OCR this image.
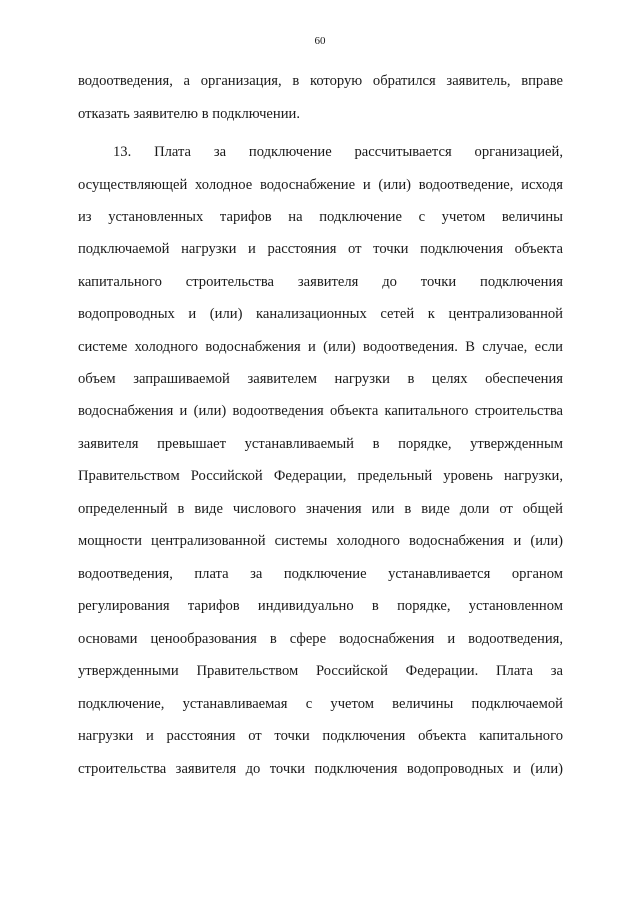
60
водоотведения, а организация, в которую обратился заявитель, вправе
отказать заявителю в подключении.
13. Плата за подключение рассчитывается организацией,
осуществляющей холодное водоснабжение и (или) водоотведение, исходя
из установленных тарифов на подключение с учетом величины
подключаемой нагрузки и расстояния от точки подключения объекта
капитального строительства заявителя до точки подключения
водопроводных и (или) канализационных сетей к централизованной
системе холодного водоснабжения и (или) водоотведения. В случае, если
объем запрашиваемой заявителем нагрузки в целях обеспечения
водоснабжения и (или) водоотведения объекта капитального строительства
заявителя превышает устанавливаемый в порядке, утвержденным
Правительством Российской Федерации, предельный уровень нагрузки,
определенный в виде числового значения или в виде доли от общей
мощности централизованной системы холодного водоснабжения и (или)
водоотведения, плата за подключение устанавливается органом
регулирования тарифов индивидуально в порядке, установленном
основами ценообразования в сфере водоснабжения и водоотведения,
утвержденными Правительством Российской Федерации. Плата за
подключение, устанавливаемая с учетом величины подключаемой
нагрузки и расстояния от точки подключения объекта капитального
строительства заявителя до точки подключения водопроводных и (или)
